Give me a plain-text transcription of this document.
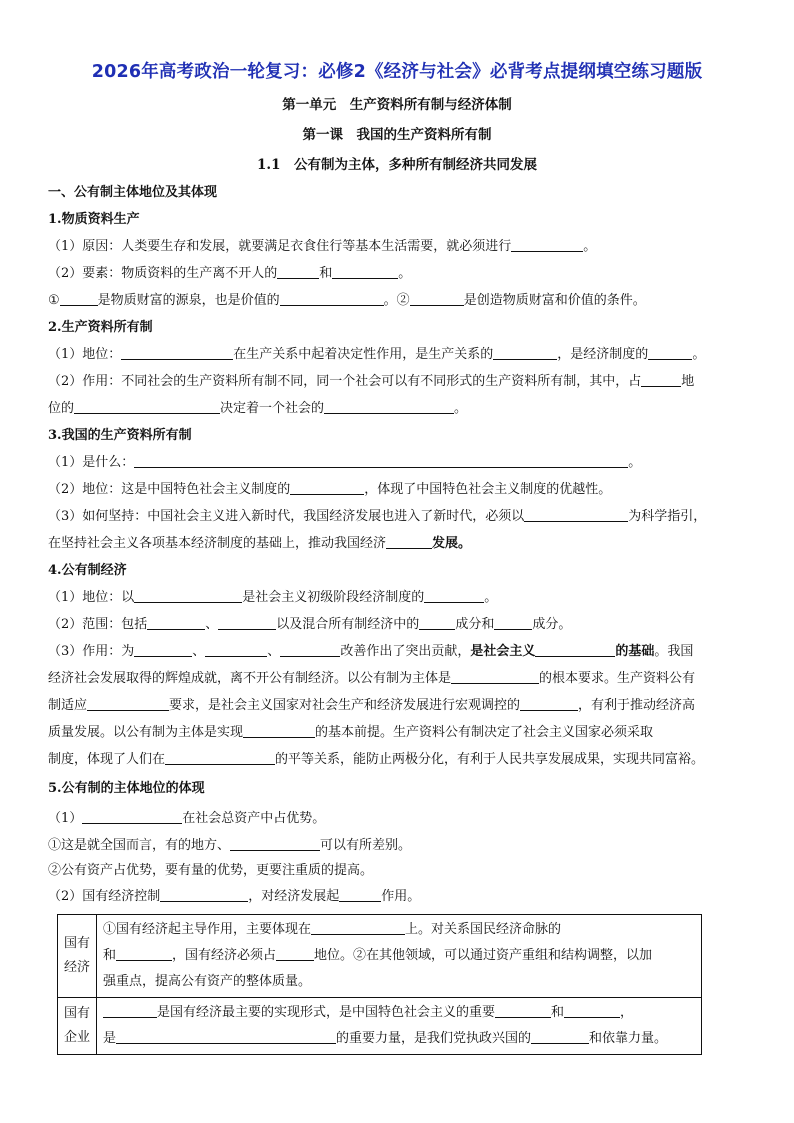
2026年高考政治一轮复习：必修2《经济与社会》必背考点提纲填空练习题版
第一单元　生产资料所有制与经济体制
第一课　我国的生产资料所有制
1.1　公有制为主体，多种所有制经济共同发展
一、公有制主体地位及其体现
1.物质资料生产
（1）原因：人类要生存和发展，就要满足衣食住行等基本生活需要，就必须进行	。
（2）要素：物质资料的生产离不开人的	和	。
①	是物质财富的源泉，也是价值的	。②	是创造物质财富和价值的条件。
2.生产资料所有制
（1）地位：	在生产关系中起着决定性作用，是生产关系的	，是经济制度的	。
（2）作用：不同社会的生产资料所有制不同，同一个社会可以有不同形式的生产资料所有制，其中，占	地
位的	决定着一个社会的	。
3.我国的生产资料所有制
（1）是什么：	。
（2）地位：这是中国特色社会主义制度的	，体现了中国特色社会主义制度的优越性。
（3）如何坚持：中国社会主义进入新时代，我国经济发展也进入了新时代，必须以	为科学指引，
在坚持社会主义各项基本经济制度的基础上，推动我国经济	发展。
4.公有制经济
（1）地位：以	是社会主义初级阶段经济制度的	。
（2）范围：包括	、	以及混合所有制经济中的	成分和	成分。
（3）作用：为	、	、	改善作出了突出贡献，是社会主义	的基础。我国
经济社会发展取得的辉煌成就，离不开公有制经济。以公有制为主体是	的根本要求。生产资料公有
制适应	要求，是社会主义国家对社会生产和经济发展进行宏观调控的	，有利于推动经济高
质量发展。以公有制为主体是实现	的基本前提。生产资料公有制决定了社会主义国家必须采取
制度，体现了人们在	的平等关系，能防止两极分化，有利于人民共享发展成果，实现共同富裕。
5.公有制的主体地位的体现
（1）	在社会总资产中占优势。
①这是就全国而言，有的地方、	可以有所差别。
②公有资产占优势，要有量的优势，更要注重质的提高。
（2）国有经济控制	，对经济发展起	作用。
国有经济	①国有经济起主导作用，主要体现在 上。对关系国民经济命脉的
和 ，国有经济必须占 地位。②在其他领域，可以通过资产重组和结构调整，以加
强重点，提高公有资产的整体质量。
国有企业	是国有经济最主要的实现形式，是中国特色社会主义的重要 和 ，
是 的重要力量，是我们党执政兴国的 和依靠力量。
